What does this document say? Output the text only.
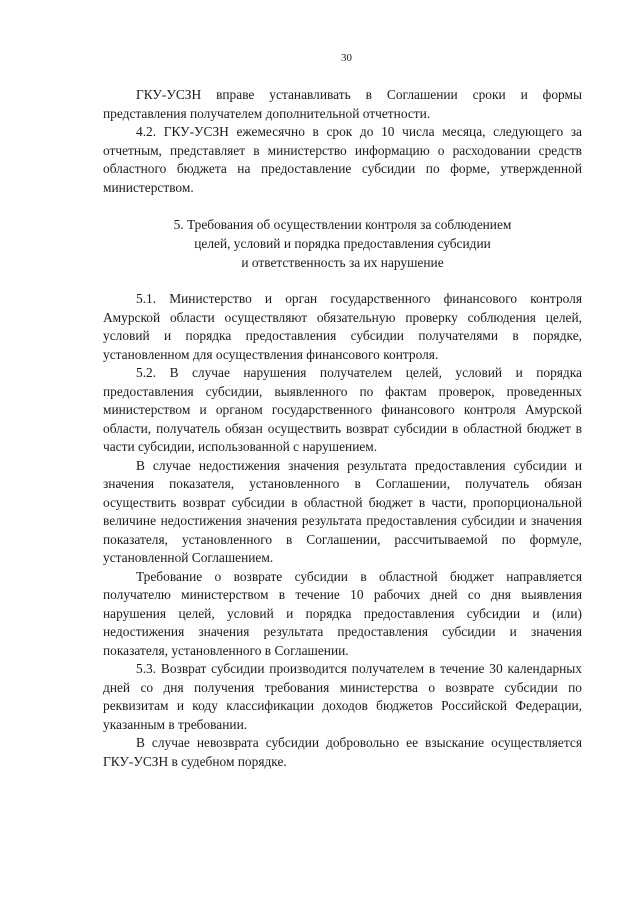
30

ГКУ-УСЗН вправе устанавливать в Соглашении сроки и формы представления получателем дополнительной отчетности.

4.2. ГКУ-УСЗН ежемесячно в срок до 10 числа месяца, следующего за отчетным, представляет в министерство информацию о расходовании средств областного бюджета на предоставление субсидии по форме, утвержденной министерством.

5. Требования об осуществлении контроля за соблюдением
целей, условий и порядка предоставления субсидии
и ответственность за их нарушение

5.1. Министерство и орган государственного финансового контроля Амурской области осуществляют обязательную проверку соблюдения целей, условий и порядка предоставления субсидии получателями в порядке, установленном для осуществления финансового контроля.

5.2. В случае нарушения получателем целей, условий и порядка предоставления субсидии, выявленного по фактам проверок, проведенных министерством и органом государственного финансового контроля Амурской области, получатель обязан осуществить возврат субсидии в областной бюджет в части субсидии, использованной с нарушением.

В случае недостижения значения результата предоставления субсидии и значения показателя, установленного в Соглашении, получатель обязан осуществить возврат субсидии в областной бюджет в части, пропорциональной величине недостижения значения результата предоставления субсидии и значения показателя, установленного в Соглашении, рассчитываемой по формуле, установленной Соглашением.

Требование о возврате субсидии в областной бюджет направляется получателю министерством в течение 10 рабочих дней со дня выявления нарушения целей, условий и порядка предоставления субсидии и (или) недостижения значения результата предоставления субсидии и значения показателя, установленного в Соглашении.

5.3. Возврат субсидии производится получателем в течение 30 календарных дней со дня получения требования министерства о возврате субсидии по реквизитам и коду классификации доходов бюджетов Российской Федерации, указанным в требовании.

В случае невозврата субсидии добровольно ее взыскание осуществляется ГКУ-УСЗН в судебном порядке.
